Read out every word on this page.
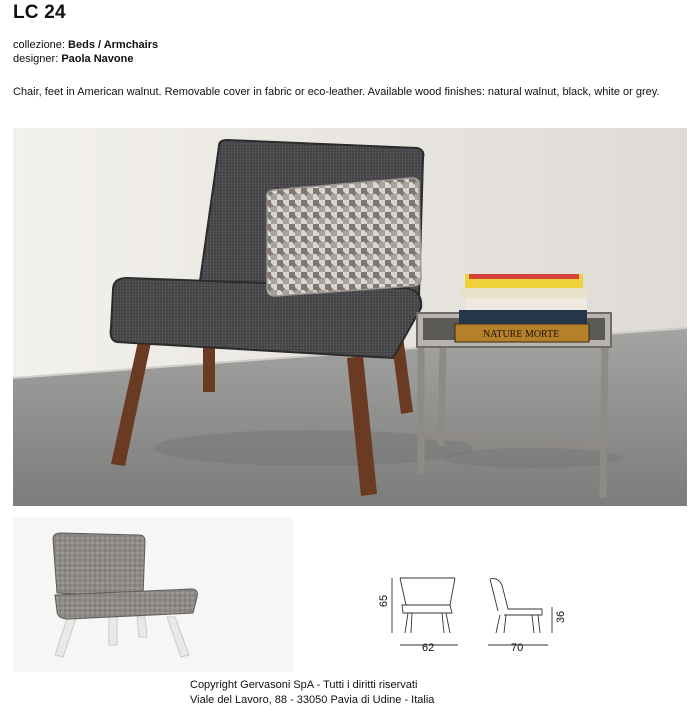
LC 24
collezione: Beds / Armchairs
designer: Paola Navone
Chair, feet in American walnut. Removable cover in fabric or eco-leather. Available wood finishes: natural walnut, black, white or grey.
NATURE MORTE
65
62
36
70
Copyright Gervasoni SpA - Tutti i diritti riservati
Viale del Lavoro, 88 - 33050 Pavia di Udine - Italia
